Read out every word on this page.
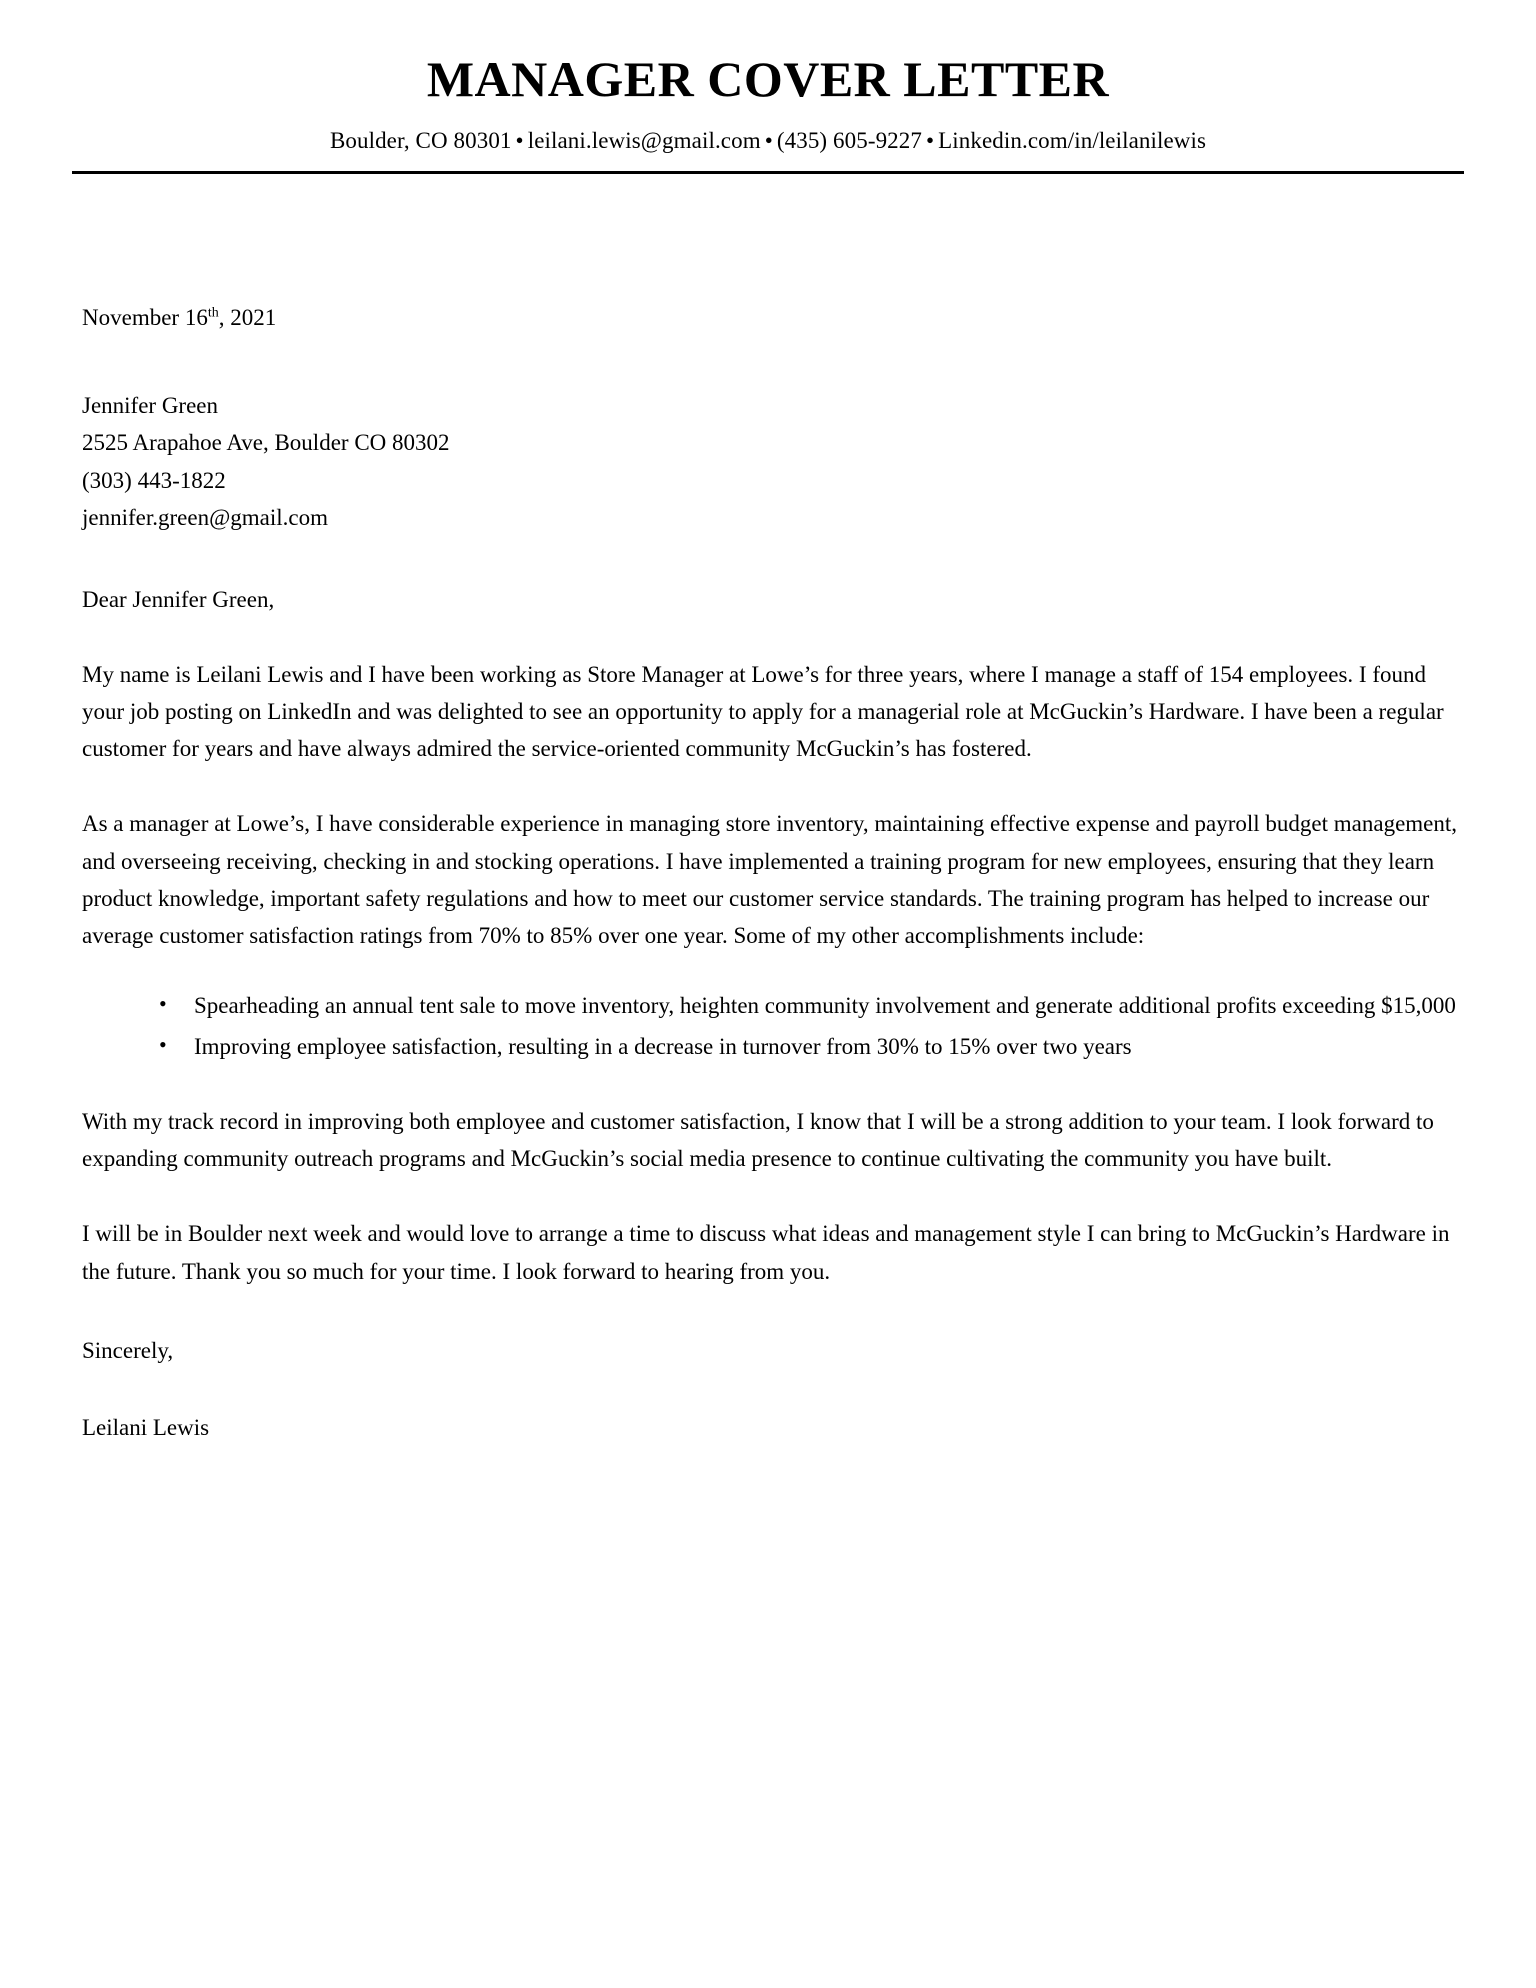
MANAGER COVER LETTER
Boulder, CO 80301 • leilani.lewis@gmail.com • (435) 605-9227 • Linkedin.com/in/leilanilewis
November 16th, 2021
Jennifer Green
2525 Arapahoe Ave, Boulder CO 80302
(303) 443-1822
jennifer.green@gmail.com
Dear Jennifer Green,

My name is Leilani Lewis and I have been working as Store Manager at Lowe’s for three years, where I manage a staff of 154 employees. I found your job posting on LinkedIn and was delighted to see an opportunity to apply for a managerial role at McGuckin’s Hardware. I have been a regular customer for years and have always admired the service-oriented community McGuckin’s has fostered.

As a manager at Lowe’s, I have considerable experience in managing store inventory, maintaining effective expense and payroll budget management, and overseeing receiving, checking in and stocking operations. I have implemented a training program for new employees, ensuring that they learn product knowledge, important safety regulations and how to meet our customer service standards. The training program has helped to increase our average customer satisfaction ratings from 70% to 85% over one year. Some of my other accomplishments include:

• Spearheading an annual tent sale to move inventory, heighten community involvement and generate additional profits exceeding $15,000
• Improving employee satisfaction, resulting in a decrease in turnover from 30% to 15% over two years

With my track record in improving both employee and customer satisfaction, I know that I will be a strong addition to your team. I look forward to expanding community outreach programs and McGuckin’s social media presence to continue cultivating the community you have built.

I will be in Boulder next week and would love to arrange a time to discuss what ideas and management style I can bring to McGuckin’s Hardware in the future. Thank you so much for your time. I look forward to hearing from you.

Sincerely,
Leilani Lewis
